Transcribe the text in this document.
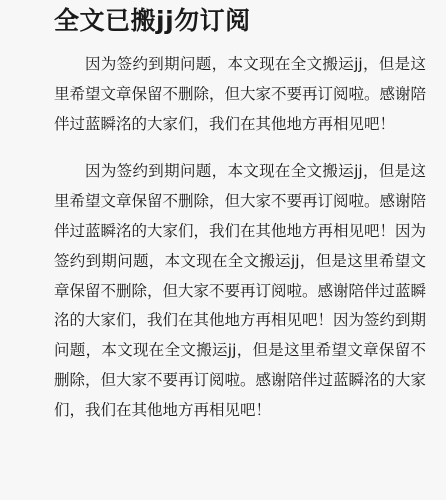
全文已搬jj勿订阅

因为签约到期问题，本文现在全文搬运jj，但是这里希望文章保留不删除，但大家不要再订阅啦。感谢陪伴过蓝瞬洺的大家们，我们在其他地方再相见吧！

因为签约到期问题，本文现在全文搬运jj，但是这里希望文章保留不删除，但大家不要再订阅啦。感谢陪伴过蓝瞬洺的大家们，我们在其他地方再相见吧！因为签约到期问题，本文现在全文搬运jj，但是这里希望文章保留不删除，但大家不要再订阅啦。感谢陪伴过蓝瞬洺的大家们，我们在其他地方再相见吧！因为签约到期问题，本文现在全文搬运jj，但是这里希望文章保留不删除，但大家不要再订阅啦。感谢陪伴过蓝瞬洺的大家们，我们在其他地方再相见吧！
